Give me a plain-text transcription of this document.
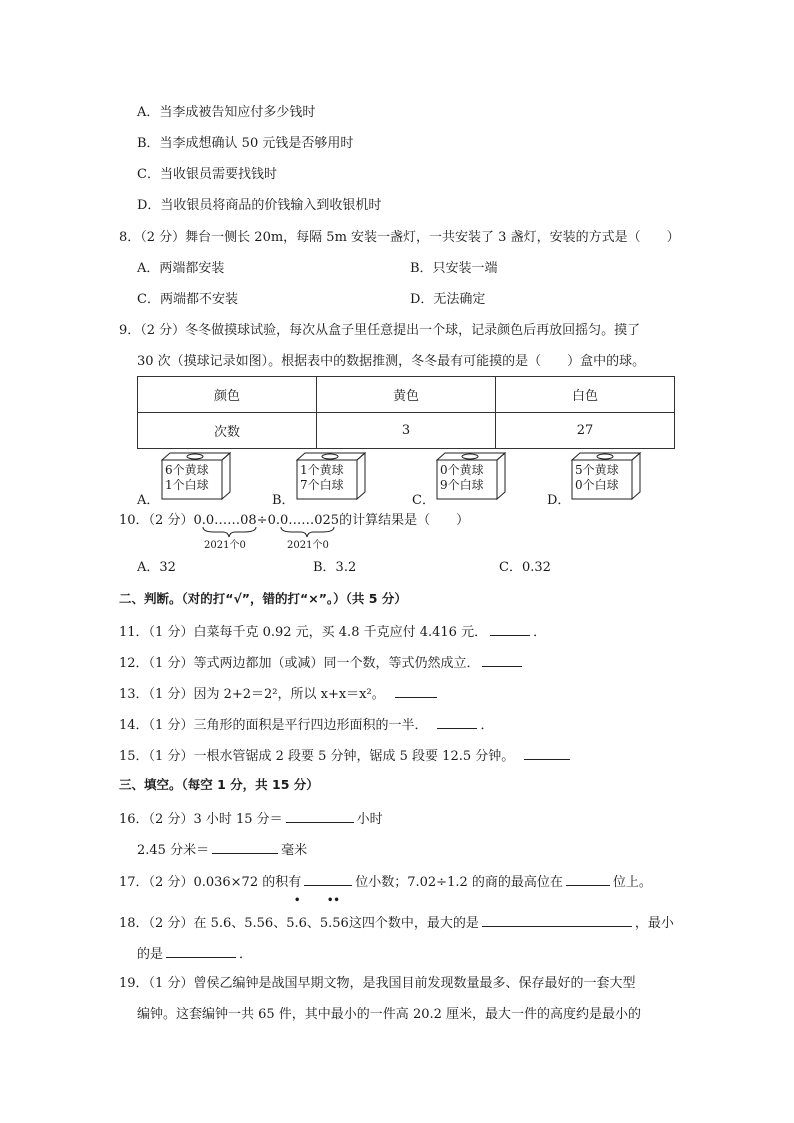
A．当李成被告知应付多少钱时
B．当李成想确认 50 元钱是否够用时
C．当收银员需要找钱时
D．当收银员将商品的价钱输入到收银机时
8．（2 分）舞台一侧长 20m，每隔 5m 安装一盏灯，一共安装了 3 盏灯，安装的方式是（　　）
A．两端都安装	B．只安装一端
C．两端都不安装	D．无法确定
9．（2 分）冬冬做摸球试验，每次从盒子里任意提出一个球，记录颜色后再放回摇匀。摸了
30 次（摸球记录如图）。根据表中的数据推测，冬冬最有可能摸的是（　　）盒中的球。
颜色	黄色	白色
次数	3	27
A．
6个黄球
1个白球
B．
1个黄球
7个白球
C．
0个黄球
9个白球
D．
5个黄球
0个白球
10．（2 分）0.0……08÷0.0……025的计算结果是（　　）
2021个0	2021个0
A．32	B．3.2	C．0.32
二、判断。（对的打“√”，错的打“×”。）（共 5 分）
11．（1 分）白菜每千克 0.92 元，买 4.8 千克应付 4.416 元．	．
12．（1 分）等式两边都加（或减）同一个数，等式仍然成立．
13．（1 分）因为 2+2＝2²，所以 x+x＝x²。
14．（1 分）三角形的面积是平行四边形面积的一半．	．
15．（1 分）一根水管锯成 2 段要 5 分钟，锯成 5 段要 12.5 分钟。
三、填空。（每空 1 分，共 15 分）
16．（2 分）3 小时 15 分＝	小时
2.45 分米＝	毫米
17．（2 分）0.036×72 的积有	位小数；7.02÷1.2 的商的最高位在	位上。
•	••
18．（2 分）在 5.6、5.56、5.6、5.56这四个数中，最大的是	，最小
的是	．
19．（1 分）曾侯乙编钟是战国早期文物，是我国目前发现数量最多、保存最好的一套大型
编钟。这套编钟一共 65 件，其中最小的一件高 20.2 厘米，最大一件的高度约是最小的
